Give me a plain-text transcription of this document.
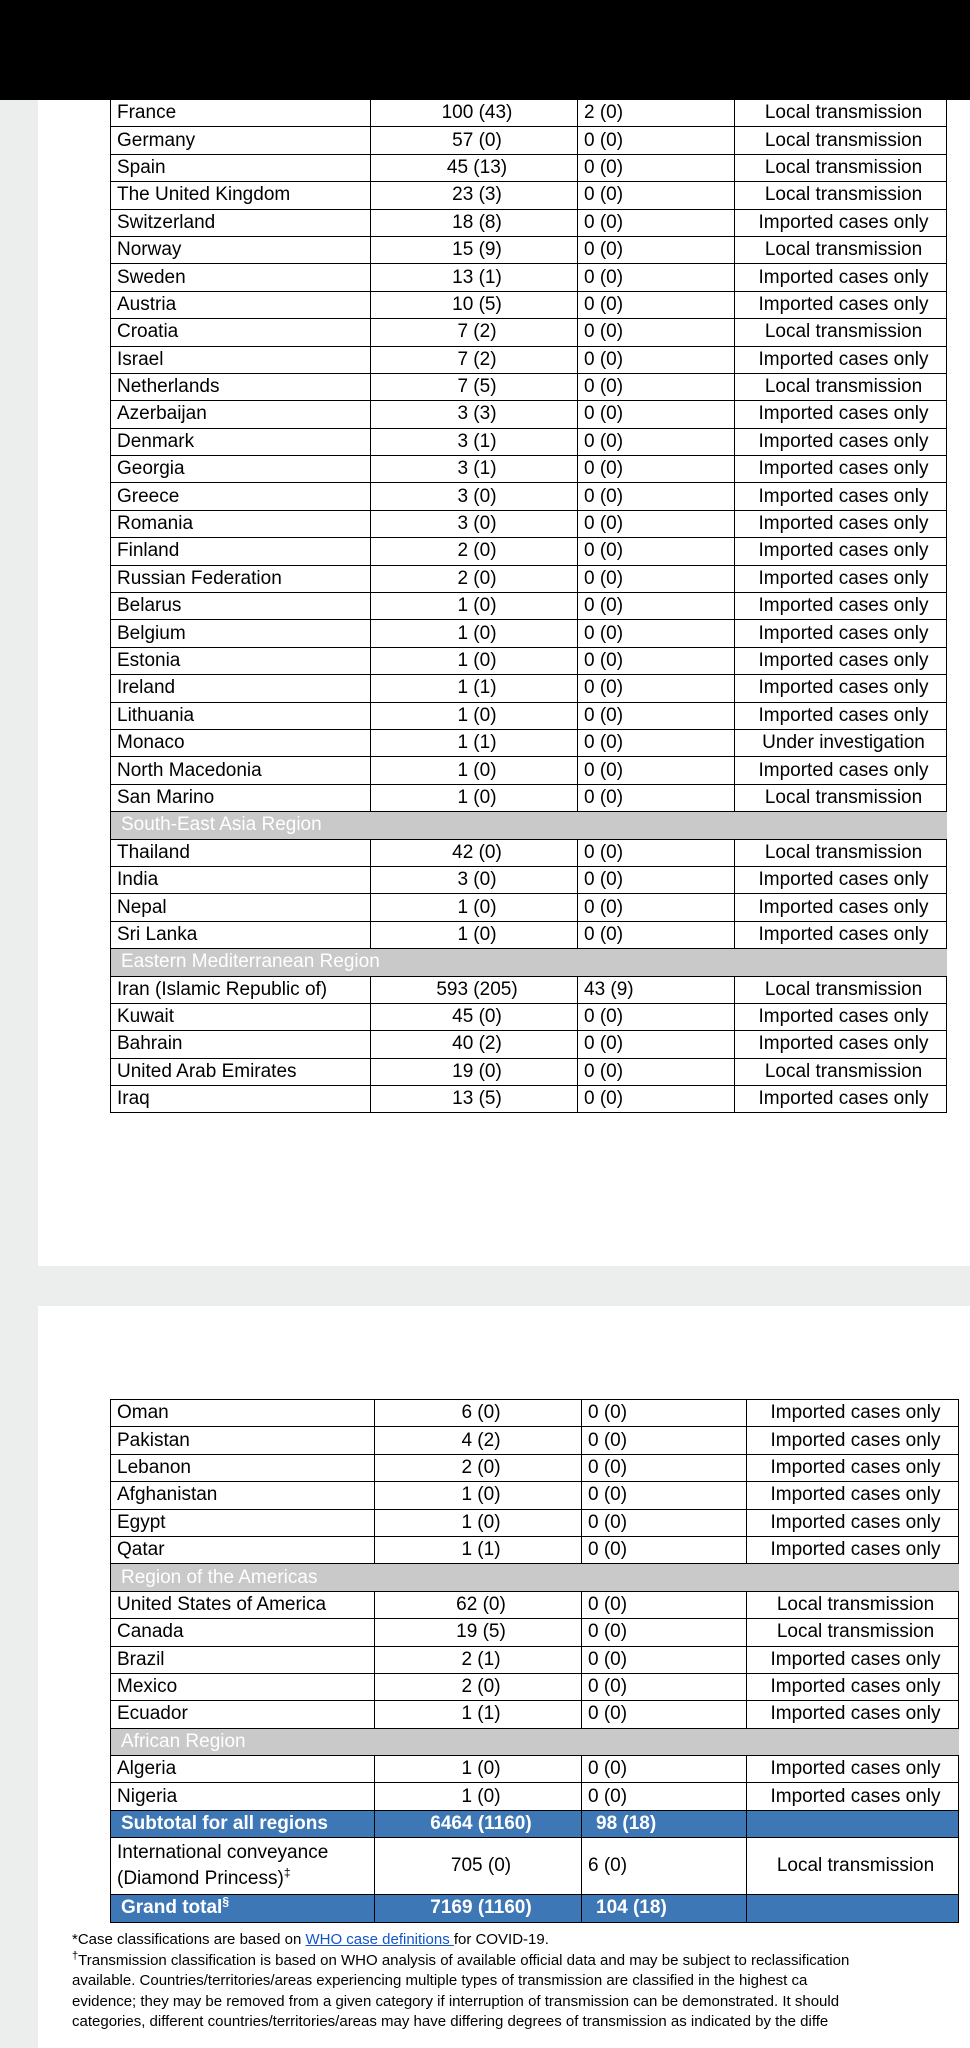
France	100 (43)	2 (0)	Local transmission
Germany	57 (0)	0 (0)	Local transmission
Spain	45 (13)	0 (0)	Local transmission
The United Kingdom	23 (3)	0 (0)	Local transmission
Switzerland	18 (8)	0 (0)	Imported cases only
Norway	15 (9)	0 (0)	Local transmission
Sweden	13 (1)	0 (0)	Imported cases only
Austria	10 (5)	0 (0)	Imported cases only
Croatia	7 (2)	0 (0)	Local transmission
Israel	7 (2)	0 (0)	Imported cases only
Netherlands	7 (5)	0 (0)	Local transmission
Azerbaijan	3 (3)	0 (0)	Imported cases only
Denmark	3 (1)	0 (0)	Imported cases only
Georgia	3 (1)	0 (0)	Imported cases only
Greece	3 (0)	0 (0)	Imported cases only
Romania	3 (0)	0 (0)	Imported cases only
Finland	2 (0)	0 (0)	Imported cases only
Russian Federation	2 (0)	0 (0)	Imported cases only
Belarus	1 (0)	0 (0)	Imported cases only
Belgium	1 (0)	0 (0)	Imported cases only
Estonia	1 (0)	0 (0)	Imported cases only
Ireland	1 (1)	0 (0)	Imported cases only
Lithuania	1 (0)	0 (0)	Imported cases only
Monaco	1 (1)	0 (0)	Under investigation
North Macedonia	1 (0)	0 (0)	Imported cases only
San Marino	1 (0)	0 (0)	Local transmission
South-East Asia Region			
Thailand	42 (0)	0 (0)	Local transmission
India	3 (0)	0 (0)	Imported cases only
Nepal	1 (0)	0 (0)	Imported cases only
Sri Lanka	1 (0)	0 (0)	Imported cases only
Eastern Mediterranean Region			
Iran (Islamic Republic of)	593 (205)	43 (9)	Local transmission
Kuwait	45 (0)	0 (0)	Imported cases only
Bahrain	40 (2)	0 (0)	Imported cases only
United Arab Emirates	19 (0)	0 (0)	Local transmission
Iraq	13 (5)	0 (0)	Imported cases only
Oman	6 (0)	0 (0)	Imported cases only
Pakistan	4 (2)	0 (0)	Imported cases only
Lebanon	2 (0)	0 (0)	Imported cases only
Afghanistan	1 (0)	0 (0)	Imported cases only
Egypt	1 (0)	0 (0)	Imported cases only
Qatar	1 (1)	0 (0)	Imported cases only
Region of the Americas			
United States of America	62 (0)	0 (0)	Local transmission
Canada	19 (5)	0 (0)	Local transmission
Brazil	2 (1)	0 (0)	Imported cases only
Mexico	2 (0)	0 (0)	Imported cases only
Ecuador	1 (1)	0 (0)	Imported cases only
African Region			
Algeria	1 (0)	0 (0)	Imported cases only
Nigeria	1 (0)	0 (0)	Imported cases only
Subtotal for all regions	6464 (1160)	98 (18)	
International conveyance (Diamond Princess)‡	705 (0)	6 (0)	Local transmission
Grand total§	7169 (1160)	104 (18)	

*Case classifications are based on WHO case definitions for COVID-19.

†Transmission classification is based on WHO analysis of available official data and may be subject to reclassification

available. Countries/territories/areas experiencing multiple types of transmission are classified in the highest ca

evidence; they may be removed from a given category if interruption of transmission can be demonstrated. It should

categories, different countries/territories/areas may have differing degrees of transmission as indicated by the diffe
